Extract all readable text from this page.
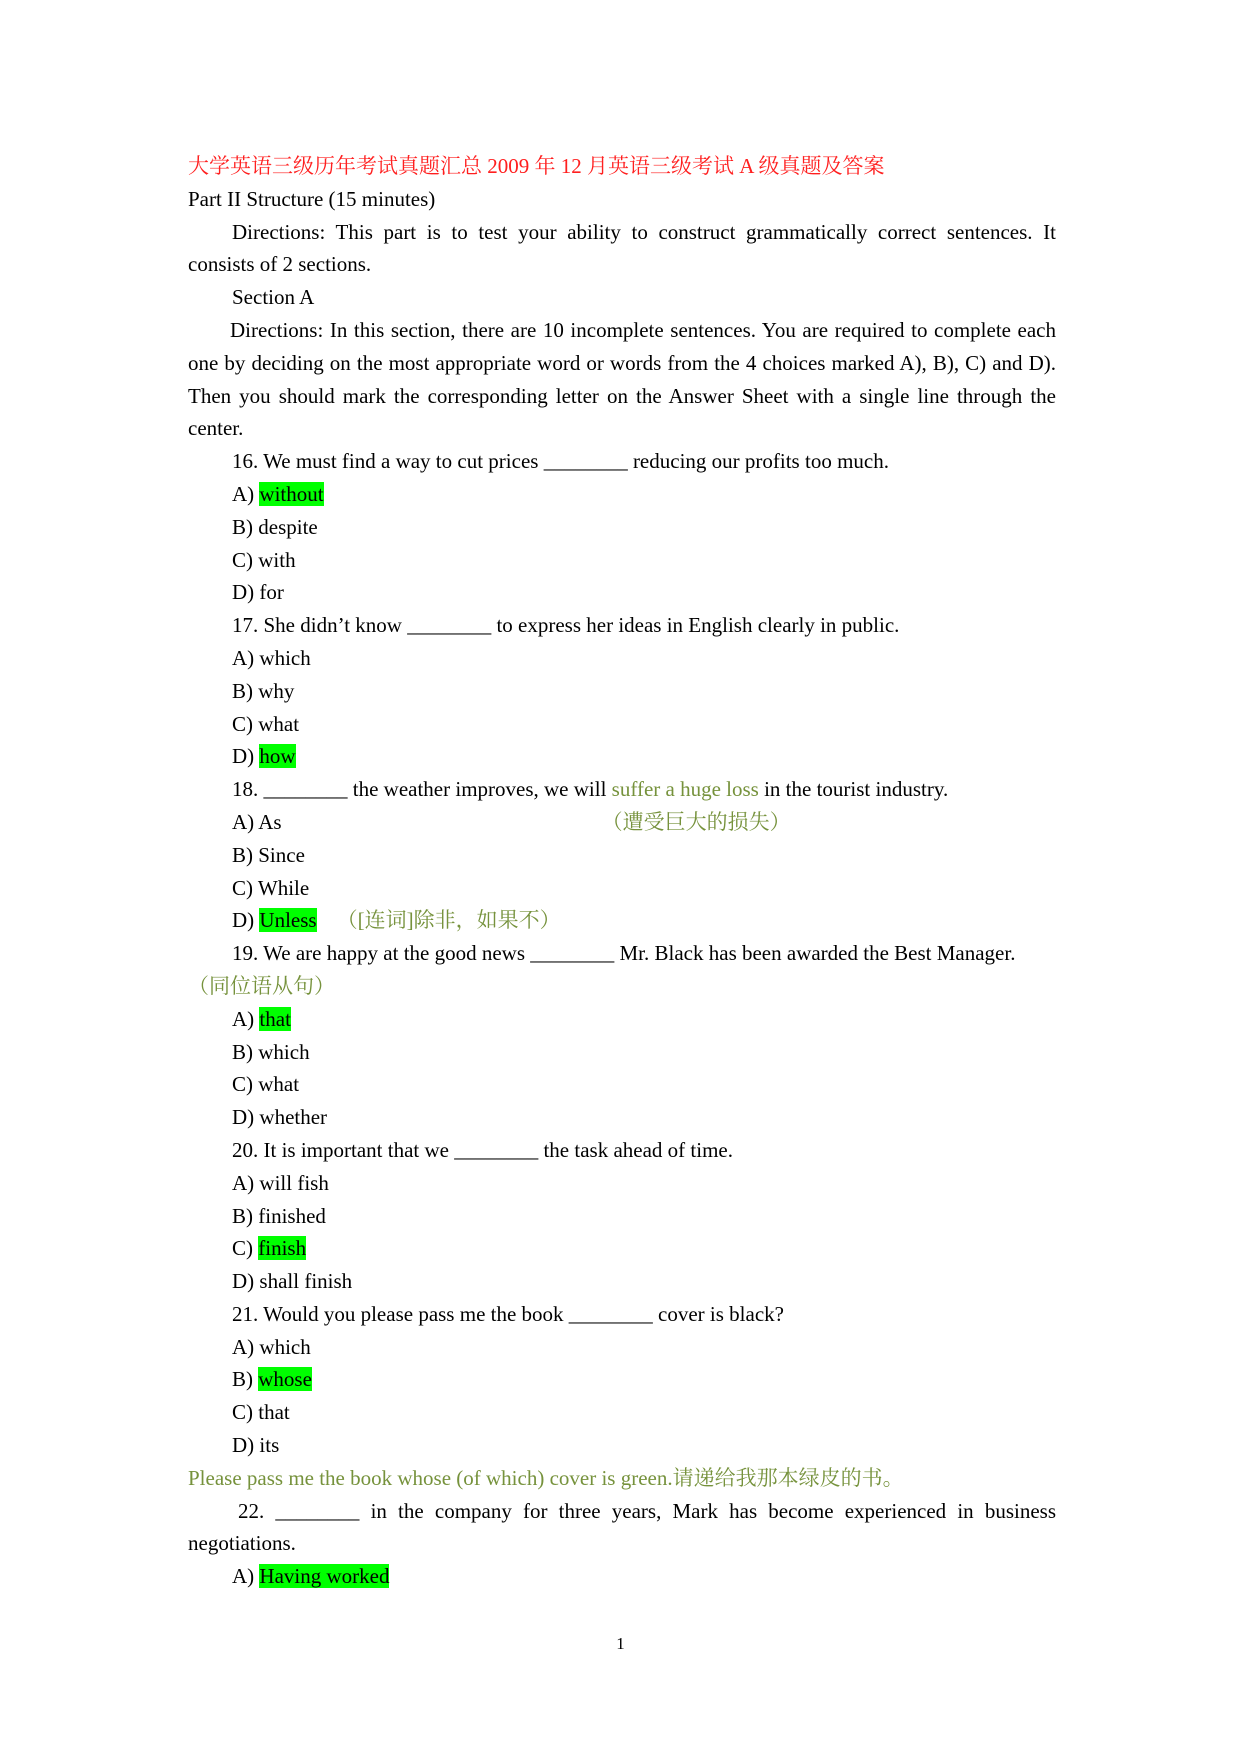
大学英语三级历年考试真题汇总 2009 年 12 月英语三级考试 A 级真题及答案

Part II Structure (15 minutes)

Directions: This part is to test your ability to construct grammatically correct sentences. It consists of 2 sections.

Section A

Directions: In this section, there are 10 incomplete sentences. You are required to complete each one by deciding on the most appropriate word or words from the 4 choices marked A), B), C) and D). Then you should mark the corresponding letter on the Answer Sheet with a single line through the center.

16. We must find a way to cut prices ________ reducing our profits too much.

A) without

B) despite

C) with

D) for

17. She didn’t know ________ to express her ideas in English clearly in public.

A) which

B) why

C) what

D) how

18. ________ the weather improves, we will suffer a huge loss in the tourist industry.

A) As	（遭受巨大的损失）

B) Since

C) While

D) Unless （[连词]除非，如果不）

19. We are happy at the good news ________ Mr. Black has been awarded the Best Manager.

（同位语从句）

A) that

B) which

C) what

D) whether

20. It is important that we ________ the task ahead of time.

A) will fish

B) finished

C) finish

D) shall finish

21. Would you please pass me the book ________ cover is black?

A) which

B) whose

C) that

D) its

Please pass me the book whose (of which) cover is green.请递给我那本绿皮的书。

22. ________ in the company for three years, Mark has become experienced in business negotiations.

A) Having worked

1
